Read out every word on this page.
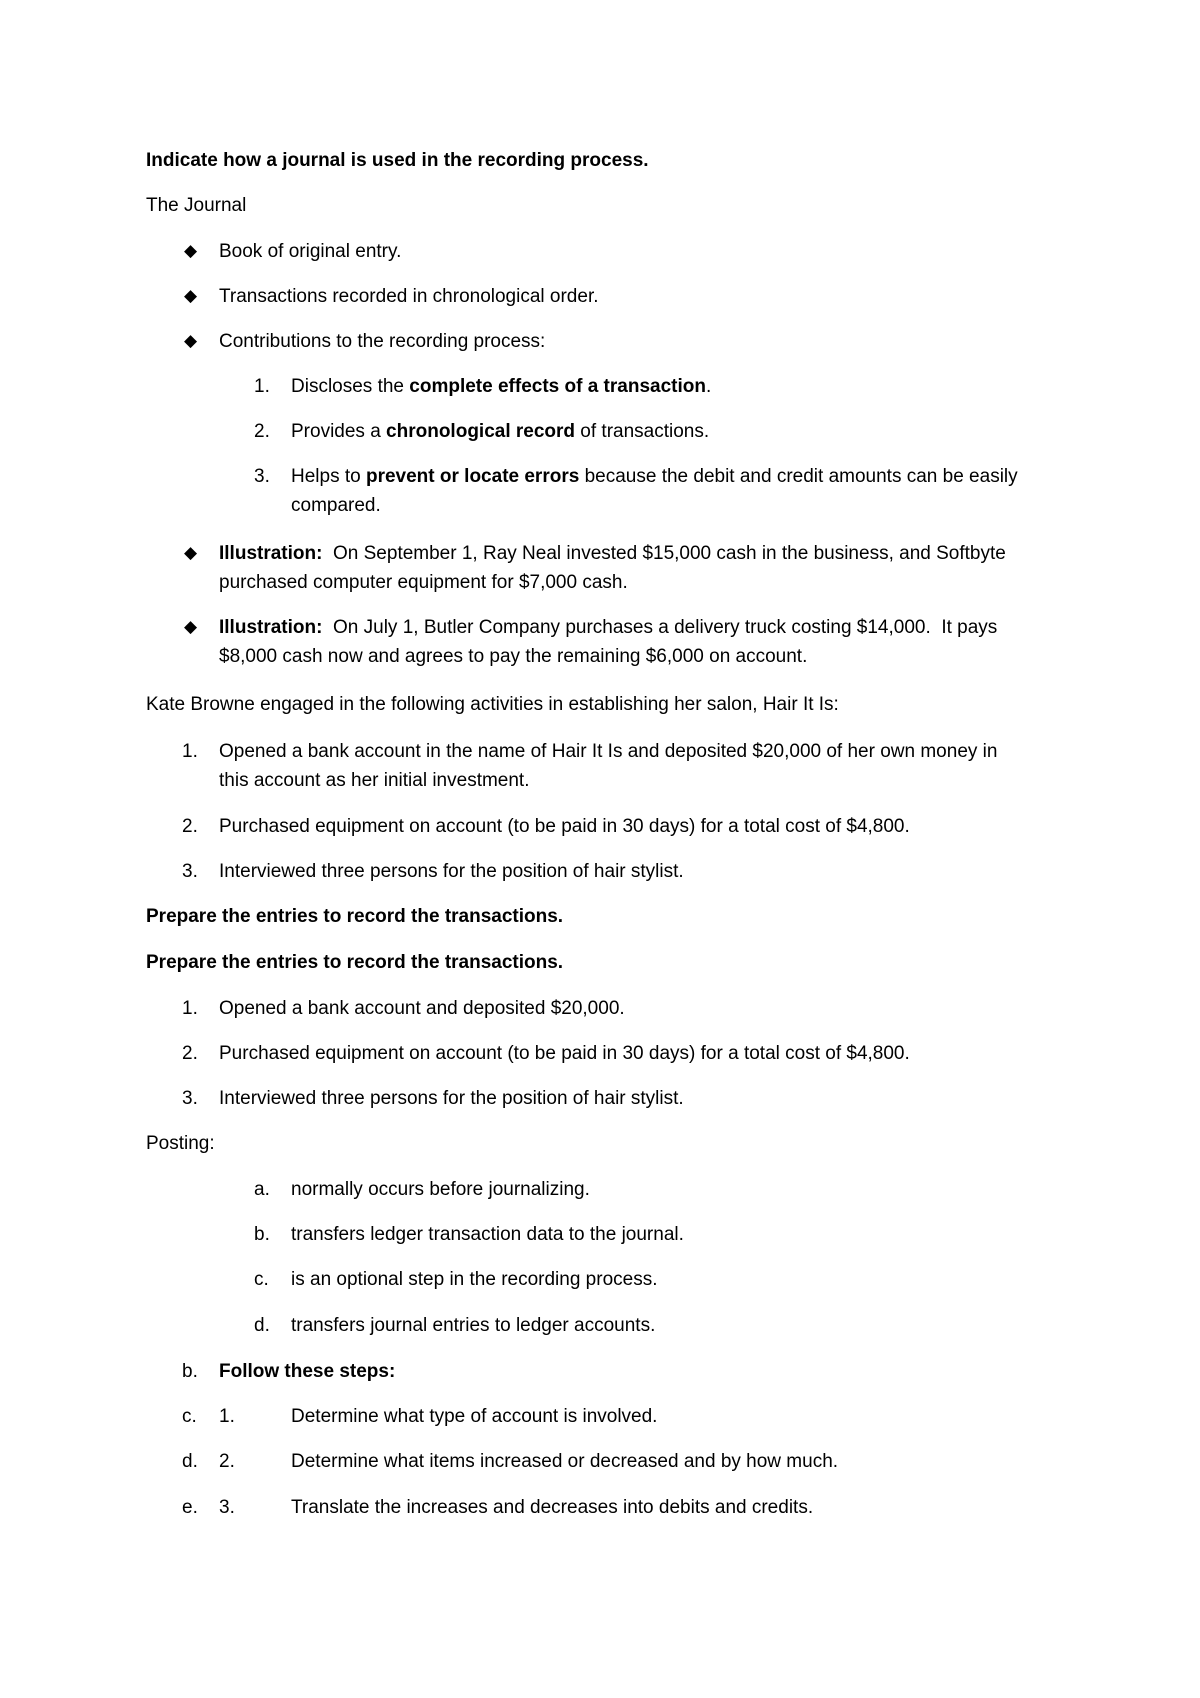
Indicate how a journal is used in the recording process.
The Journal
◆ Book of original entry.
◆ Transactions recorded in chronological order.
◆ Contributions to the recording process:
1. Discloses the complete effects of a transaction.
2. Provides a chronological record of transactions.
3. Helps to prevent or locate errors because the debit and credit amounts can be easily
compared.
◆ Illustration:  On September 1, Ray Neal invested $15,000 cash in the business, and Softbyte
purchased computer equipment for $7,000 cash.
◆ Illustration:  On July 1, Butler Company purchases a delivery truck costing $14,000.  It pays
$8,000 cash now and agrees to pay the remaining $6,000 on account.
Kate Browne engaged in the following activities in establishing her salon, Hair It Is:
1. Opened a bank account in the name of Hair It Is and deposited $20,000 of her own money in
this account as her initial investment.
2. Purchased equipment on account (to be paid in 30 days) for a total cost of $4,800.
3. Interviewed three persons for the position of hair stylist.
Prepare the entries to record the transactions.
Prepare the entries to record the transactions.
1. Opened a bank account and deposited $20,000.
2. Purchased equipment on account (to be paid in 30 days) for a total cost of $4,800.
3. Interviewed three persons for the position of hair stylist.
Posting:
a. normally occurs before journalizing.
b. transfers ledger transaction data to the journal.
c. is an optional step in the recording process.
d. transfers journal entries to ledger accounts.
b. Follow these steps:
c. 1.	Determine what type of account is involved.
d. 2.	Determine what items increased or decreased and by how much.
e. 3.	Translate the increases and decreases into debits and credits.
